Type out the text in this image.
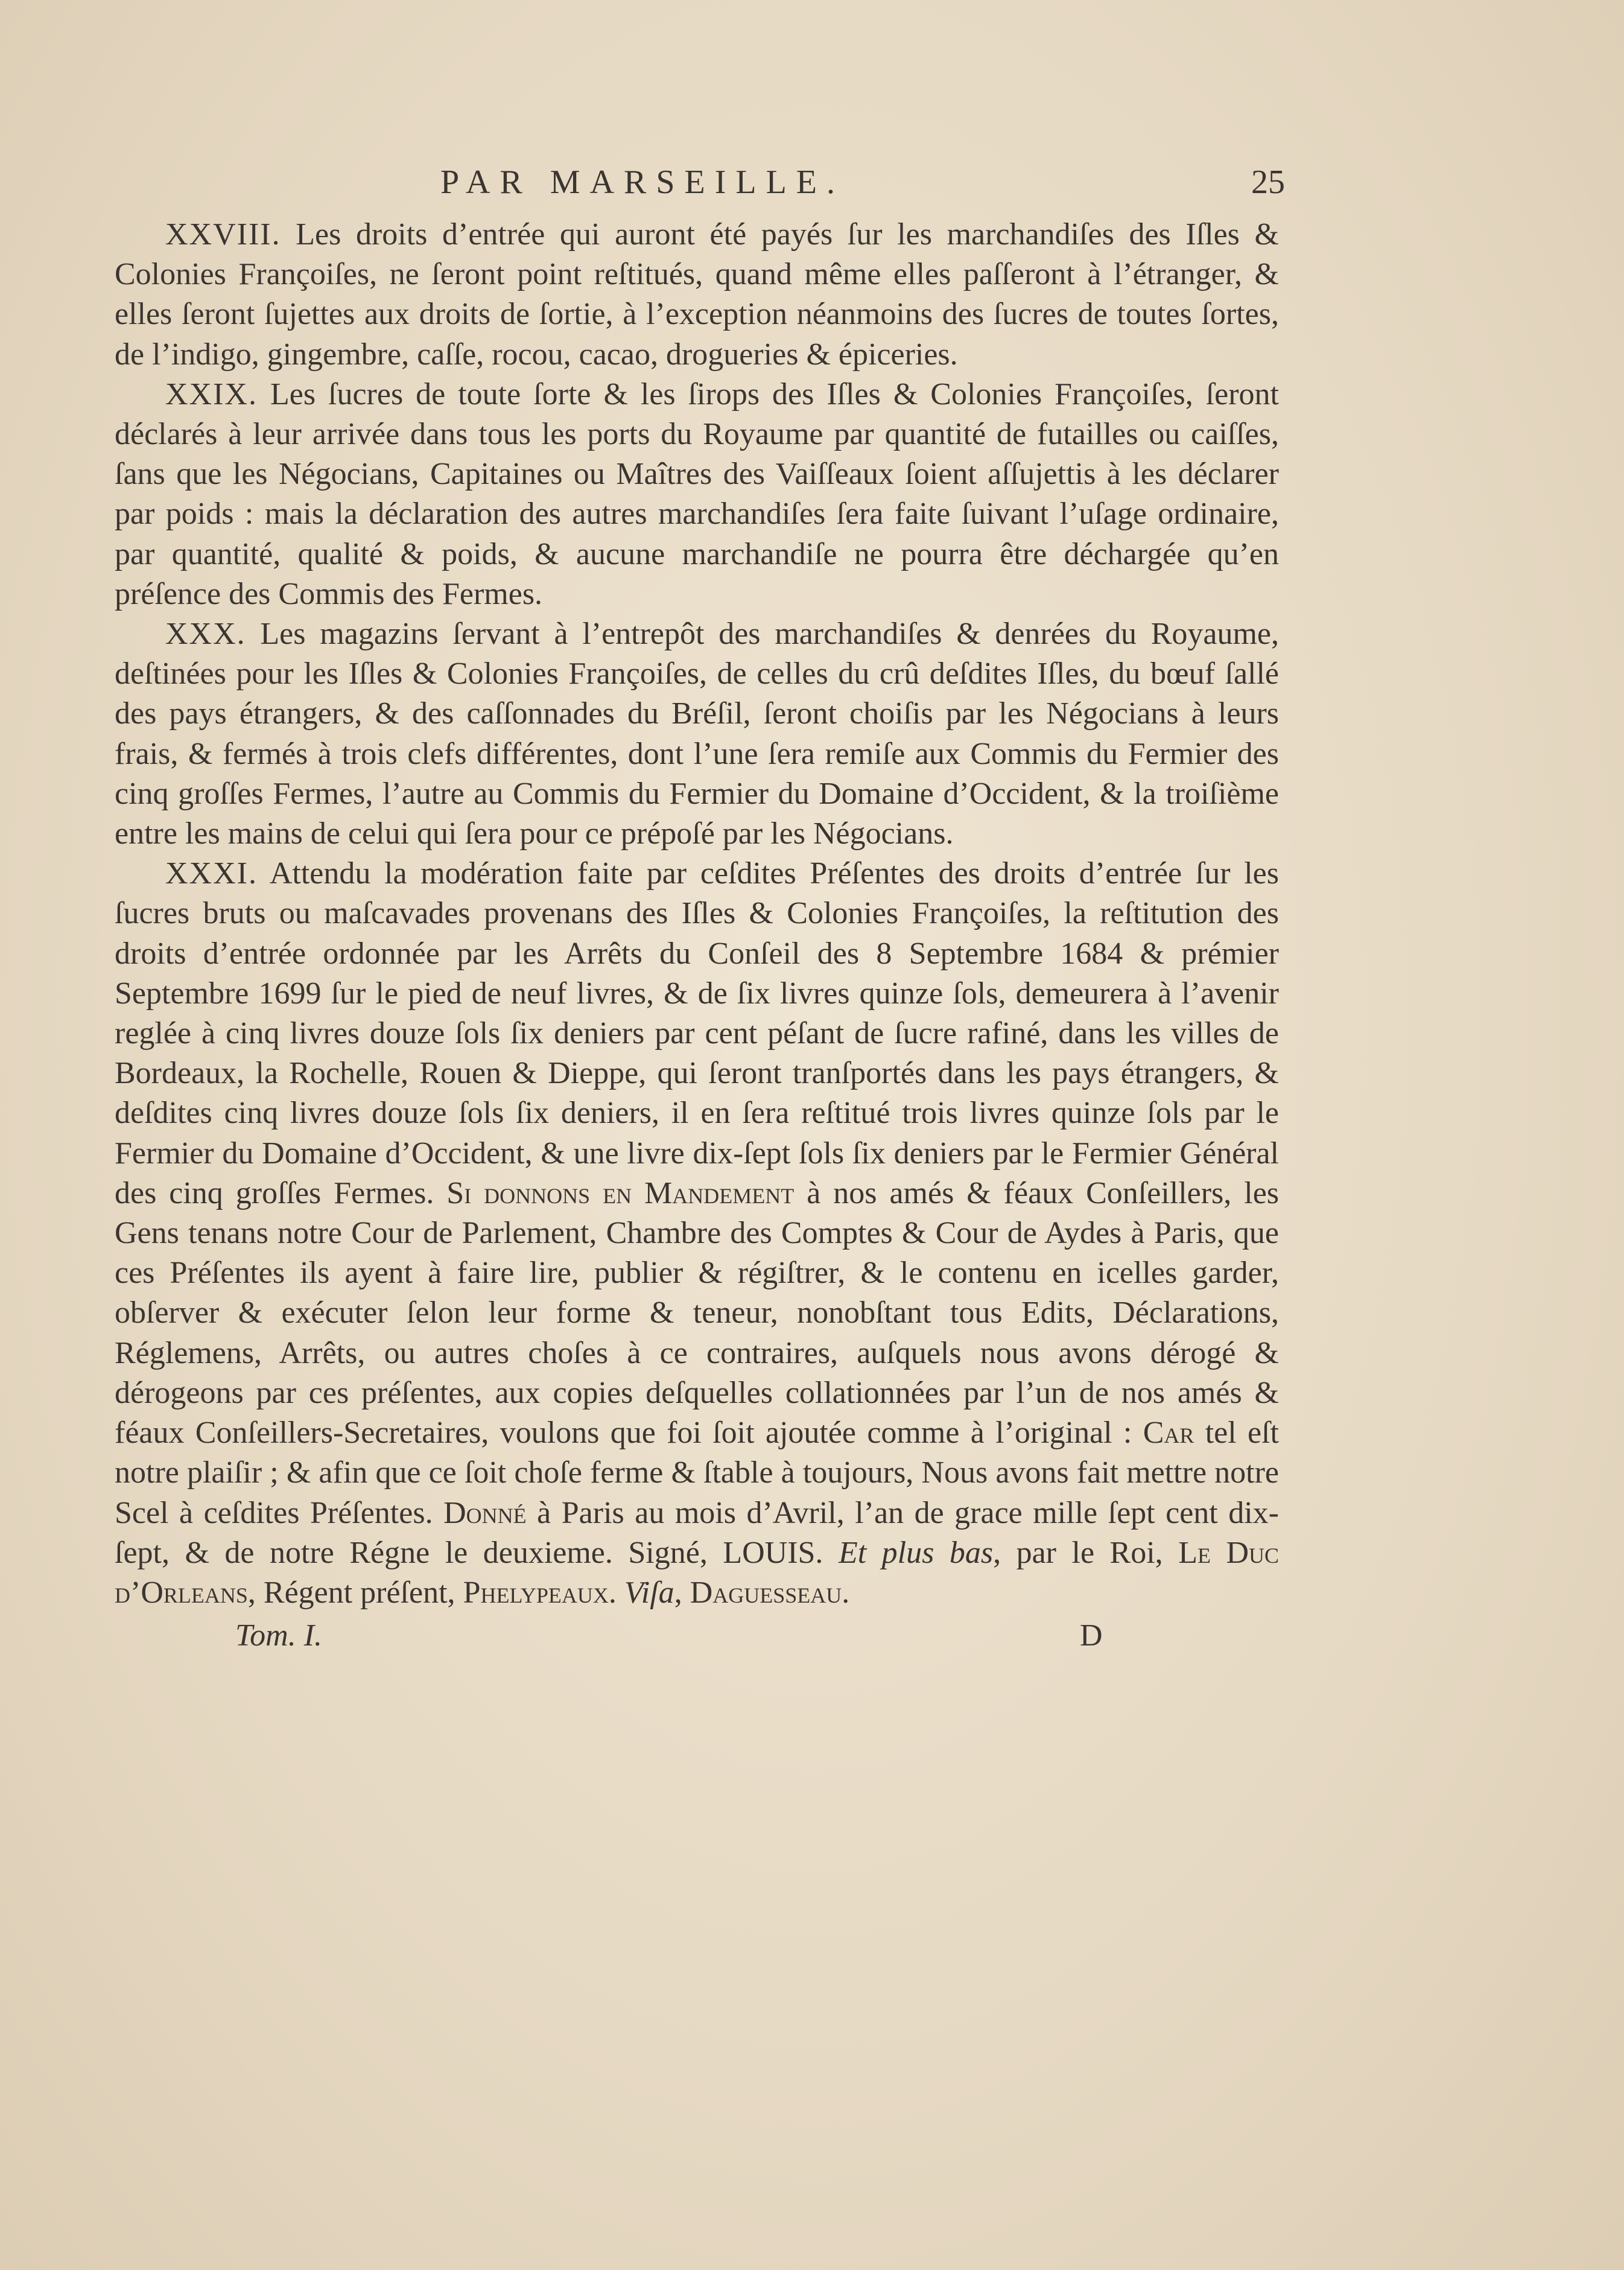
PAR MARSEILLE.	25

XXVIII. Les droits d’entrée qui auront été payés ſur les marchandiſes des Iſles & Colonies Françoiſes, ne ſeront point reſtitués, quand même elles paſſeront à l’étranger, & elles ſeront ſujettes aux droits de ſortie, à l’exception néanmoins des ſucres de toutes ſortes, de l’indigo, gingembre, caſſe, rocou, cacao, drogueries & épiceries.

XXIX. Les ſucres de toute ſorte & les ſirops des Iſles & Colonies Françoiſes, ſeront déclarés à leur arrivée dans tous les ports du Royaume par quantité de futailles ou caiſſes, ſans que les Négocians, Capitaines ou Maîtres des Vaiſſeaux ſoient aſſujettis à les déclarer par poids : mais la déclaration des autres marchandiſes ſera faite ſuivant l’uſage ordinaire, par quantité, qualité & poids, & aucune marchandiſe ne pourra être déchargée qu’en préſence des Commis des Fermes.

XXX. Les magazins ſervant à l’entrepôt des marchandiſes & denrées du Royaume, deſtinées pour les Iſles & Colonies Françoiſes, de celles du crû deſdites Iſles, du bœuf ſallé des pays étrangers, & des caſſonnades du Bréſil, ſeront choiſis par les Négocians à leurs frais, & fermés à trois clefs différentes, dont l’une ſera remiſe aux Commis du Fermier des cinq groſſes Fermes, l’autre au Commis du Fermier du Domaine d’Occident, & la troiſième entre les mains de celui qui ſera pour ce prépoſé par les Négocians.

XXXI. Attendu la modération faite par ceſdites Préſentes des droits d’entrée ſur les ſucres bruts ou maſcavades provenans des Iſles & Colonies Françoiſes, la reſtitution des droits d’entrée ordonnée par les Arrêts du Conſeil des 8 Septembre 1684 & prémier Septembre 1699 ſur le pied de neuf livres, & de ſix livres quinze ſols, demeurera à l’avenir reglée à cinq livres douze ſols ſix deniers par cent péſant de ſucre rafiné, dans les villes de Bordeaux, la Rochelle, Rouen & Dieppe, qui ſeront tranſportés dans les pays étrangers, & deſdites cinq livres douze ſols ſix deniers, il en ſera reſtitué trois livres quinze ſols par le Fermier du Domaine d’Occident, & une livre dix-ſept ſols ſix deniers par le Fermier Général des cinq groſſes Fermes. Si donnons en Mandement à nos amés & féaux Conſeillers, les Gens tenans notre Cour de Parlement, Chambre des Comptes & Cour de Aydes à Paris, que ces Préſentes ils ayent à faire lire, publier & régiſtrer, & le contenu en icelles garder, obſerver & exécuter ſelon leur forme & teneur, nonobſtant tous Edits, Déclarations, Réglemens, Arrêts, ou autres choſes à ce contraires, auſquels nous avons dérogé & dérogeons par ces préſentes, aux copies deſquelles collationnées par l’un de nos amés & féaux Conſeillers-Secretaires, voulons que foi ſoit ajoutée comme à l’original : Car tel eſt notre plaiſir ; & afin que ce ſoit choſe ferme & ſtable à toujours, Nous avons fait mettre notre Scel à ceſdites Préſentes. Donné à Paris au mois d’Avril, l’an de grace mille ſept cent dix-ſept, & de notre Régne le deuxieme. Signé, LOUIS. Et plus bas, par le Roi, Le Duc d’Orleans, Régent préſent, Phelypeaux. Viſa, Daguesseau.

Tom. I.	D
